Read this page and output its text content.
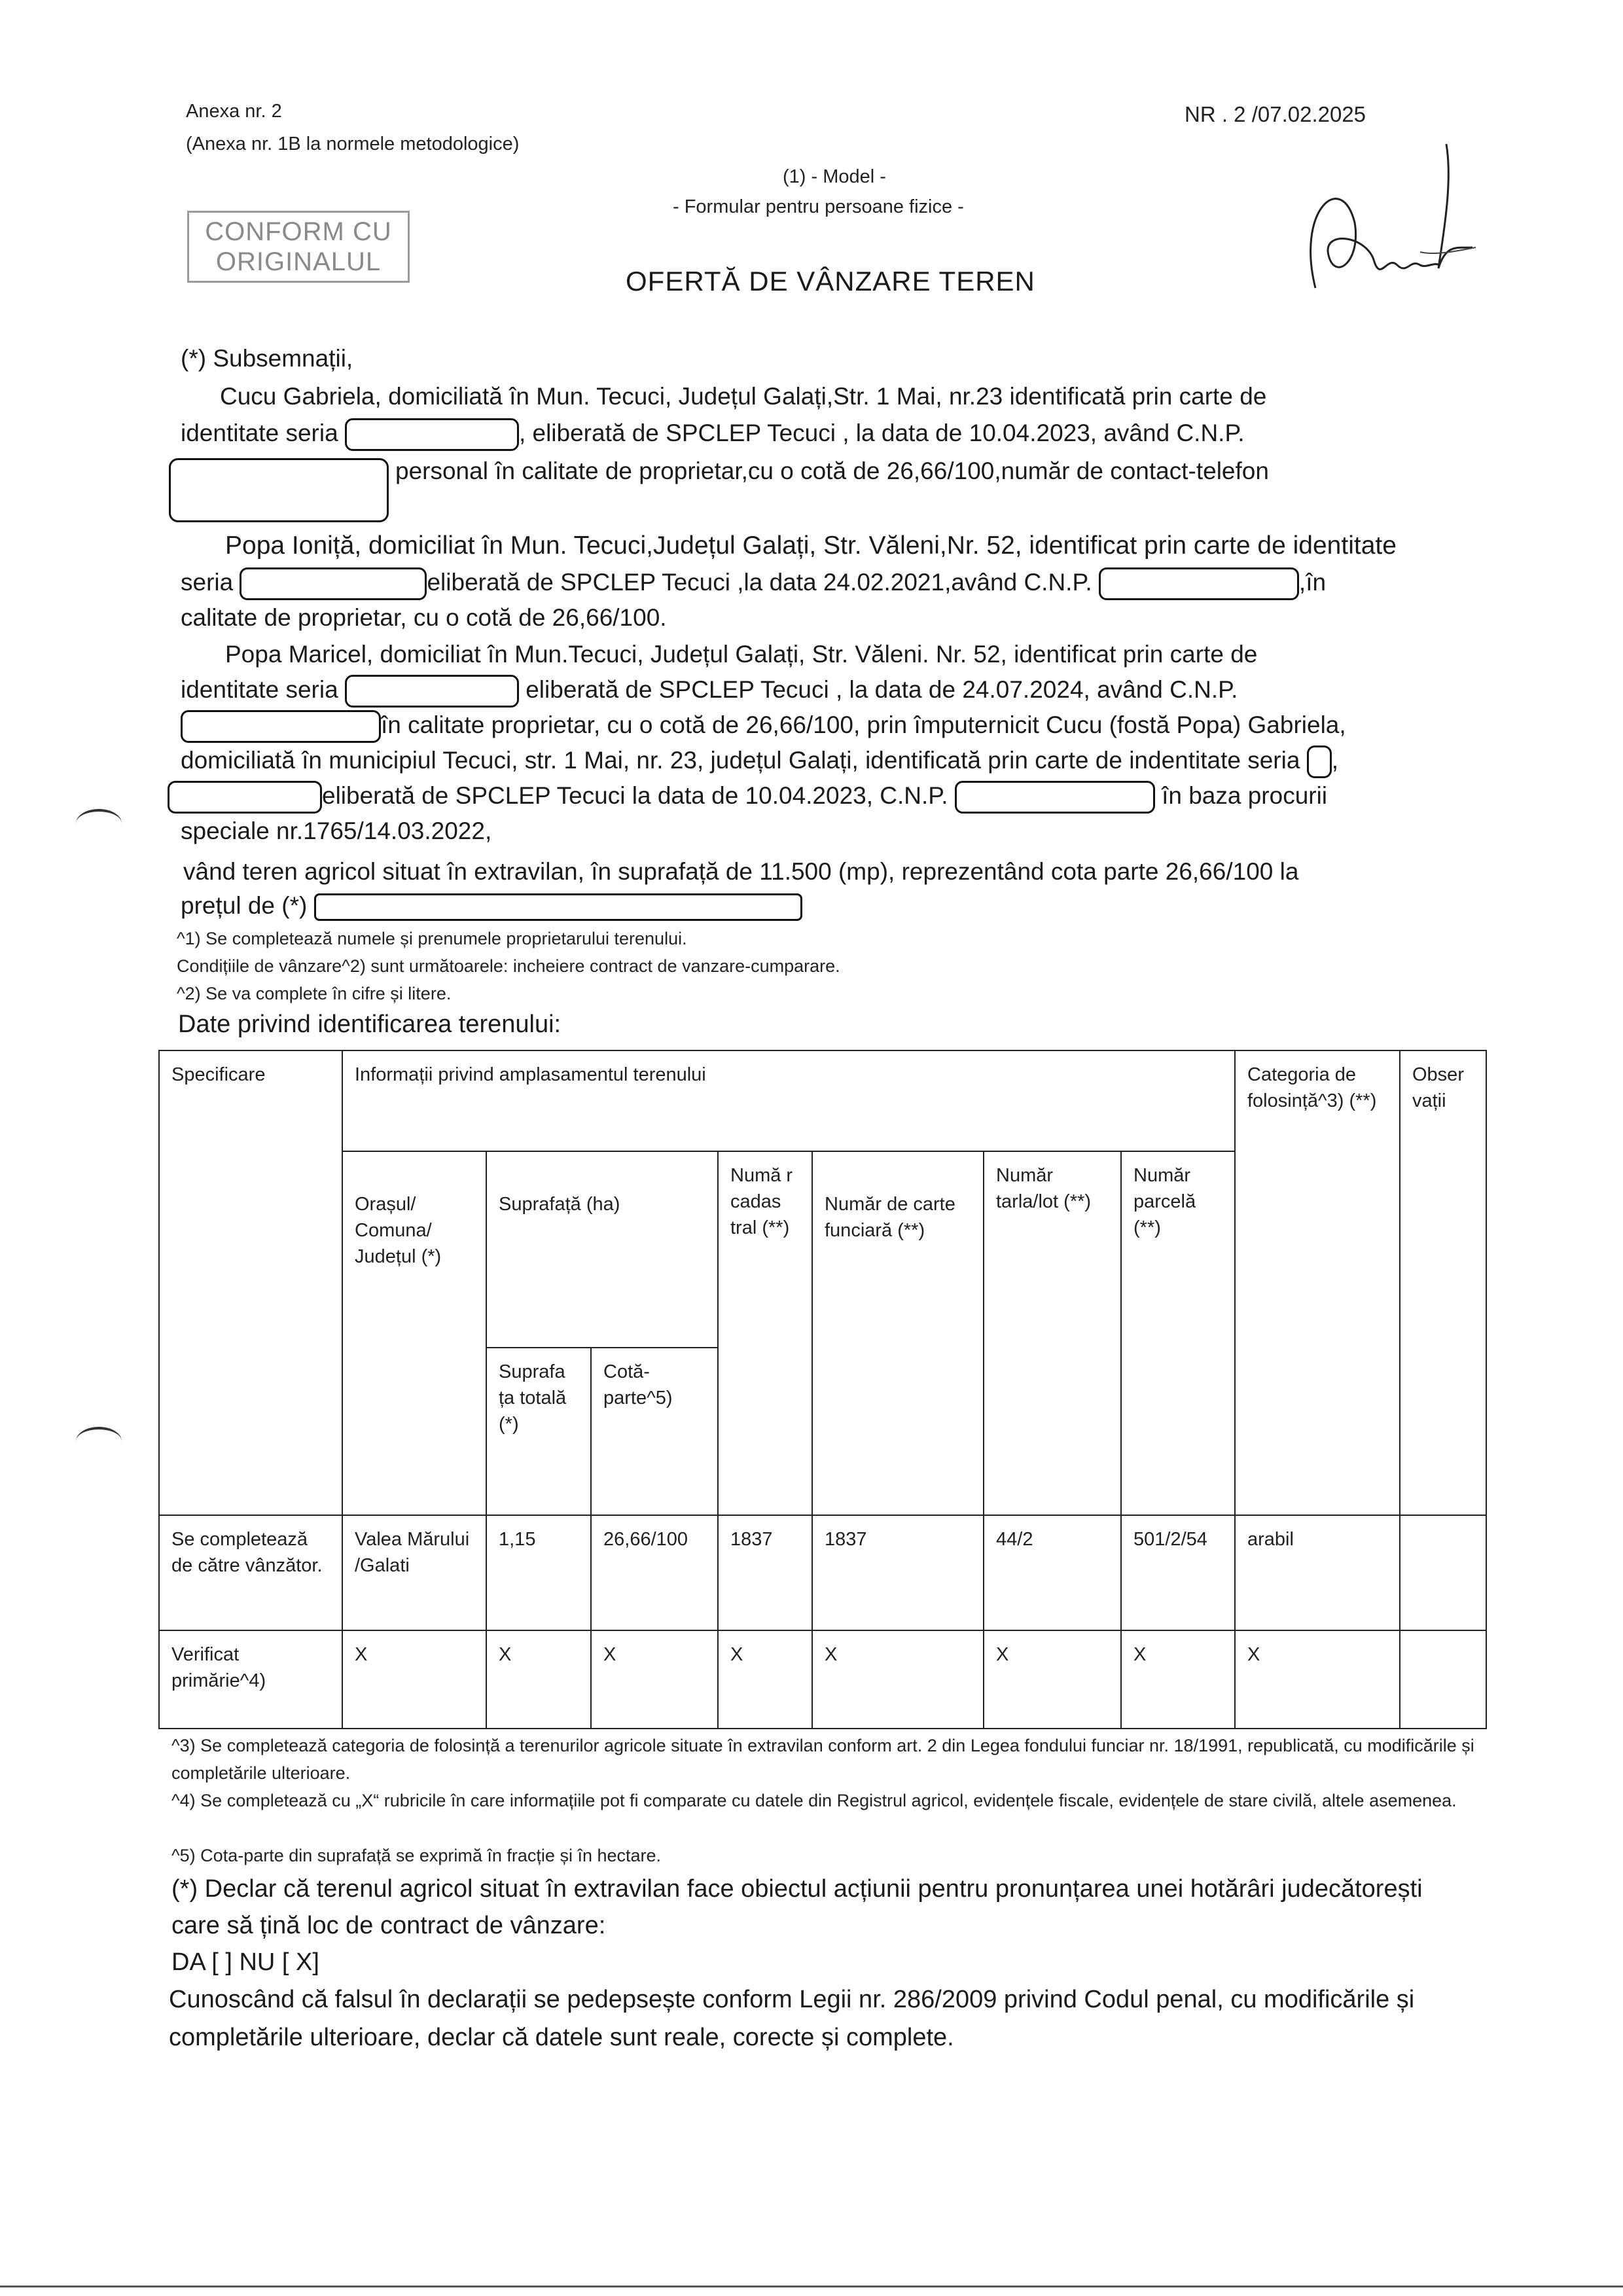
Anexa nr. 2
(Anexa nr. 1B la normele metodologice)
NR . 2 /07.02.2025
(1) - Model -
- Formular pentru persoane fizice -
OFERTĂ DE VÂNZARE TEREN
CONFORM CU
ORIGINALUL
(*) Subsemnații,
Cucu Gabriela, domiciliată în Mun. Tecuci, Județul Galați,Str. 1 Mai, nr.23 identificată prin carte de
identitate seria	, eliberată de SPCLEP Tecuci , la data de 10.04.2023, având C.N.P.
personal în calitate de proprietar,cu o cotă de 26,66/100,număr de contact-telefon
Popa Ioniță, domiciliat în Mun. Tecuci,Județul Galați, Str. Văleni,Nr. 52, identificat prin carte de identitate
seria	eliberată de SPCLEP Tecuci ,la data 24.02.2021,având C.N.P.	,în
calitate de proprietar, cu o cotă de 26,66/100.
Popa Maricel, domiciliat în Mun.Tecuci, Județul Galați, Str. Văleni. Nr. 52, identificat prin carte de
identitate seria	eliberată de SPCLEP Tecuci , la data de 24.07.2024, având C.N.P.
în calitate proprietar, cu o cotă de 26,66/100, prin împuternicit Cucu (fostă Popa) Gabriela,
domiciliată în municipiul Tecuci, str. 1 Mai, nr. 23, județul Galați, identificată prin carte de indentitate seria ,
eliberată de SPCLEP Tecuci la data de 10.04.2023, C.N.P.	în baza procurii
speciale nr.1765/14.03.2022,
vând teren agricol situat în extravilan, în suprafață de 11.500 (mp), reprezentând cota parte 26,66/100 la
prețul de (*)
^1) Se completează numele și prenumele proprietarului terenului.
Condițiile de vânzare^2) sunt următoarele: incheiere contract de vanzare-cumparare.
^2) Se va complete în cifre și litere.
Date privind identificarea terenului:
Specificare	Informații privind amplasamentul terenului							Categoria de folosință^3) (**)	Obser vații
	Orașul/ Comuna/ Județul (*)	Suprafață (ha)		Numă r cadas tral (**)	Număr de carte funciară (**)	Număr tarla/lot (**)	Număr parcelă (**)		
		Suprafa ța totală (*)	Cotă-parte^5)						
Se completează de către vânzător.	Valea Mărului /Galati	1,15	26,66/100	1837	1837	44/2	501/2/54	arabil	
Verificat primărie^4)	X	X	X	X	X	X	X	X	
^3) Se completează categoria de folosință a terenurilor agricole situate în extravilan conform art. 2 din Legea fondului funciar nr. 18/1991, republicată, cu modificările și completările ulterioare.
^4) Se completează cu „X“ rubricile în care informațiile pot fi comparate cu datele din Registrul agricol, evidențele fiscale, evidențele de stare civilă, altele asemenea.
^5) Cota-parte din suprafață se exprimă în fracție și în hectare.
(*) Declar că terenul agricol situat în extravilan face obiectul acțiunii pentru pronunțarea unei hotărâri judecătorești care să țină loc de contract de vânzare:
DA [ ] NU [ X]
Cunoscând că falsul în declarații se pedepsește conform Legii nr. 286/2009 privind Codul penal, cu modificările și completările ulterioare, declar că datele sunt reale, corecte și complete.
